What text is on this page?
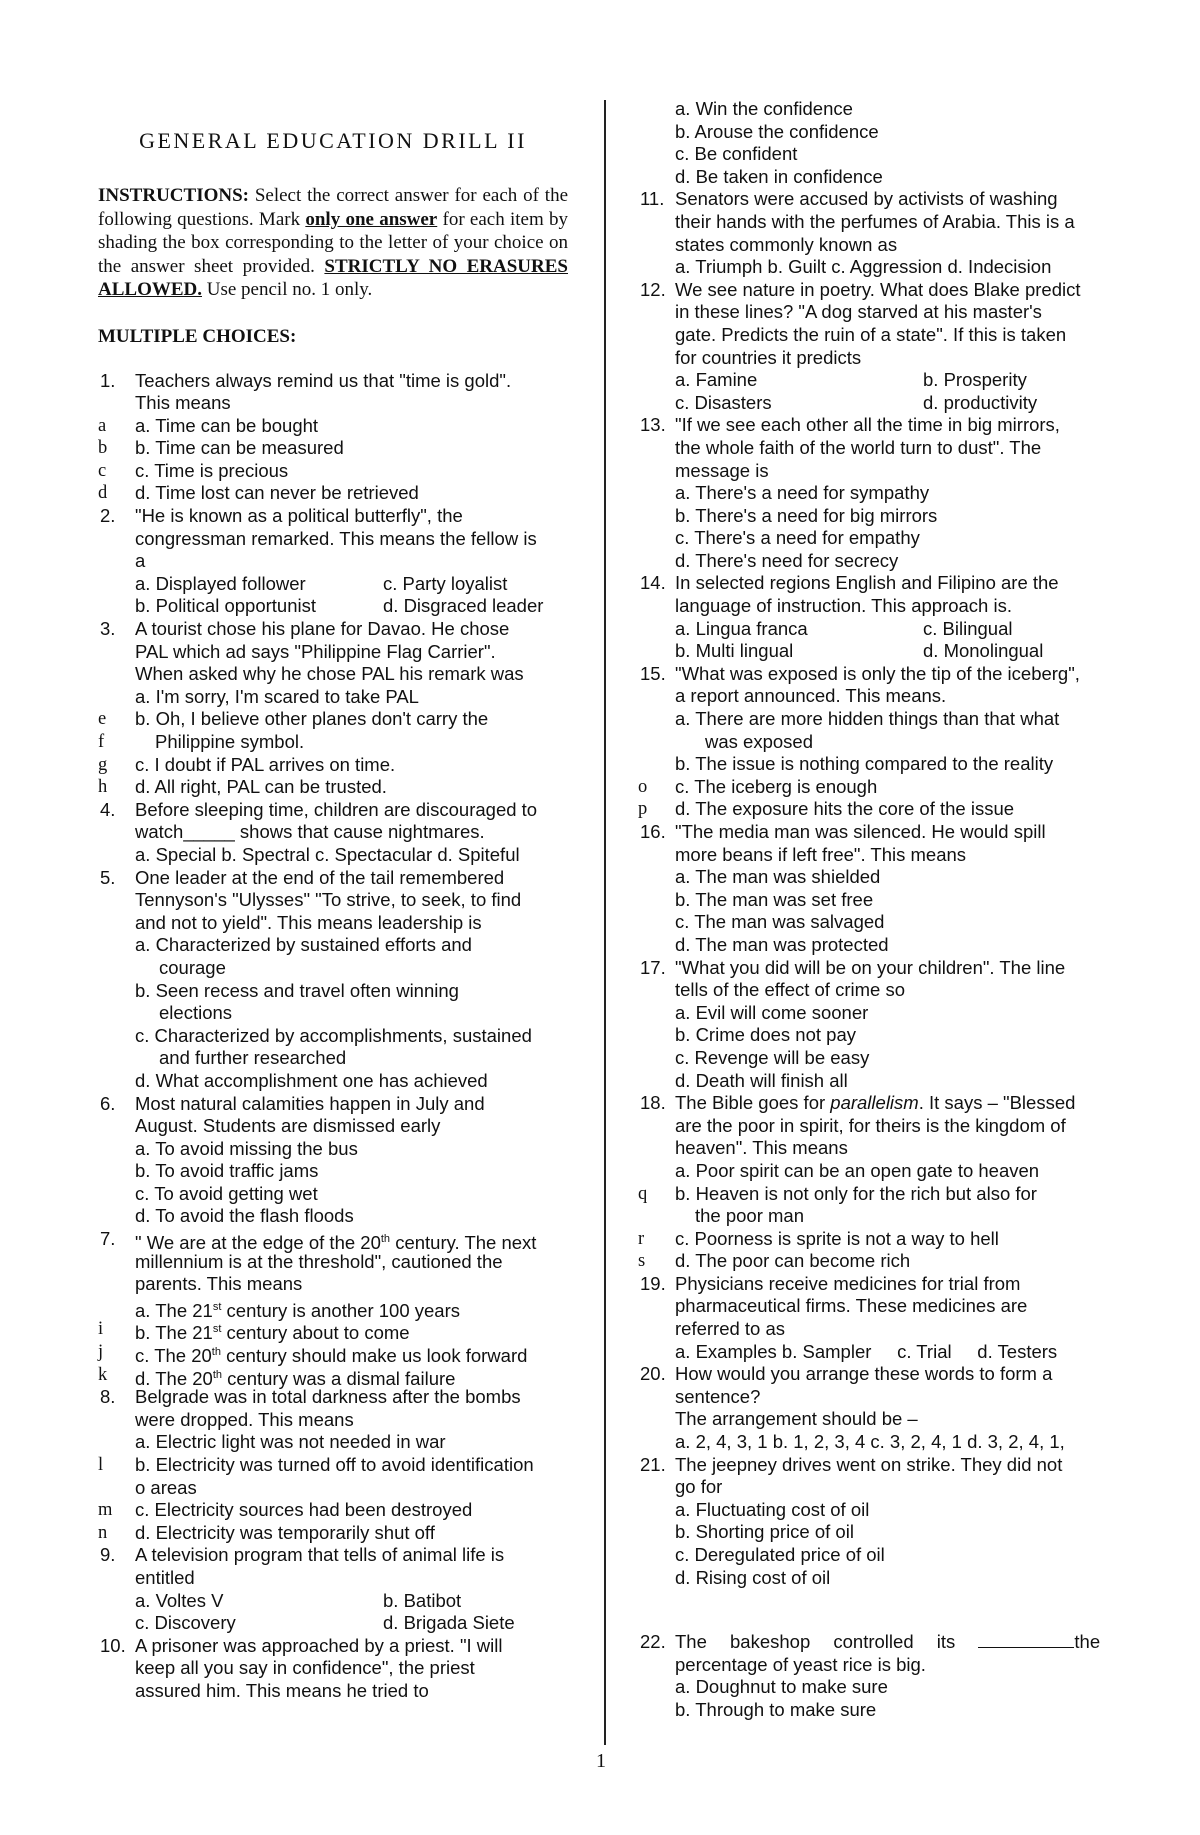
GENERAL EDUCATION DRILL II
INSTRUCTIONS: Select the correct answer for each of the following questions. Mark only one answer for each item by shading the box corresponding to the letter of your choice on the answer sheet provided. STRICTLY NO ERASURES ALLOWED. Use pencil no. 1 only.
MULTIPLE CHOICES:
1. Teachers always remind us that "time is gold".
This means
a a. Time can be bought
b b. Time can be measured
c c. Time is precious
d d. Time lost can never be retrieved
2. "He is known as a political butterfly", the
congressman remarked. This means the fellow is
a
a. Displayed follower	c. Party loyalist
b. Political opportunist	d. Disgraced leader
3. A tourist chose his plane for Davao. He chose
PAL which ad says "Philippine Flag Carrier".
When asked why he chose PAL his remark was
a. I'm sorry, I'm scared to take PAL
e b. Oh, I believe other planes don't carry the
f	Philippine symbol.
g c. I doubt if PAL arrives on time.
h d. All right, PAL can be trusted.
4. Before sleeping time, children are discouraged to
watch_____ shows that cause nightmares.
a. Special b. Spectral c. Spectacular d. Spiteful
5. One leader at the end of the tail remembered
Tennyson's "Ulysses" "To strive, to seek, to find
and not to yield". This means leadership is
a. Characterized by sustained efforts and
courage
b. Seen recess and travel often winning
elections
c. Characterized by accomplishments, sustained
and further researched
d. What accomplishment one has achieved
6. Most natural calamities happen in July and
August. Students are dismissed early
a. To avoid missing the bus
b. To avoid traffic jams
c. To avoid getting wet
d. To avoid the flash floods
7. " We are at the edge of the 20th century. The next
millennium is at the threshold", cautioned the
parents. This means
a. The 21st century is another 100 years
i b. The 21st century about to come
j c. The 20th century should make us look forward
k d. The 20th century was a dismal failure
8. Belgrade was in total darkness after the bombs
were dropped. This means
a. Electric light was not needed in war
l b. Electricity was turned off to avoid identification
o areas
m c. Electricity sources had been destroyed
n d. Electricity was temporarily shut off
9. A television program that tells of animal life is
entitled
a. Voltes V	b. Batibot
c. Discovery	d. Brigada Siete
10. A prisoner was approached by a priest. "I will
keep all you say in confidence", the priest
assured him. This means he tried to
a. Win the confidence
b. Arouse the confidence
c. Be confident
d. Be taken in confidence
11. Senators were accused by activists of washing
their hands with the perfumes of Arabia. This is a
states commonly known as
a. Triumph b. Guilt c. Aggression d. Indecision
12. We see nature in poetry. What does Blake predict
in these lines? "A dog starved at his master's
gate. Predicts the ruin of a state". If this is taken
for countries it predicts
a. Famine	b. Prosperity
c. Disasters	d. productivity
13. "If we see each other all the time in big mirrors,
the whole faith of the world turn to dust". The
message is
a. There's a need for sympathy
b. There's a need for big mirrors
c. There's a need for empathy
d. There's need for secrecy
14. In selected regions English and Filipino are the
language of instruction. This approach is.
a. Lingua franca	c. Bilingual
b. Multi lingual	d. Monolingual
15. "What was exposed is only the tip of the iceberg",
a report announced. This means.
a. There are more hidden things than that what
was exposed
b. The issue is nothing compared to the reality
o c. The iceberg is enough
p d. The exposure hits the core of the issue
16. "The media man was silenced. He would spill
more beans if left free". This means
a. The man was shielded
b. The man was set free
c. The man was salvaged
d. The man was protected
17. "What you did will be on your children". The line
tells of the effect of crime so
a. Evil will come sooner
b. Crime does not pay
c. Revenge will be easy
d. Death will finish all
18. The Bible goes for parallelism. It says – "Blessed
are the poor in spirit, for theirs is the kingdom of
heaven". This means
a. Poor spirit can be an open gate to heaven
q b. Heaven is not only for the rich but also for
the poor man
r c. Poorness is sprite is not a way to hell
s d. The poor can become rich
19. Physicians receive medicines for trial from
pharmaceutical firms. These medicines are
referred to as
a. Examples b. Sampler c. Trial d. Testers
20. How would you arrange these words to form a
sentence?
The arrangement should be –
a. 2, 4, 3, 1 b. 1, 2, 3, 4 c. 3, 2, 4, 1 d. 3, 2, 4, 1,
21. The jeepney drives went on strike. They did not
go for
a. Fluctuating cost of oil
b. Shorting price of oil
c. Deregulated price of oil
d. Rising cost of oil
22. The bakeshop controlled its	the
percentage of yeast rice is big.
a. Doughnut to make sure
b. Through to make sure
1
